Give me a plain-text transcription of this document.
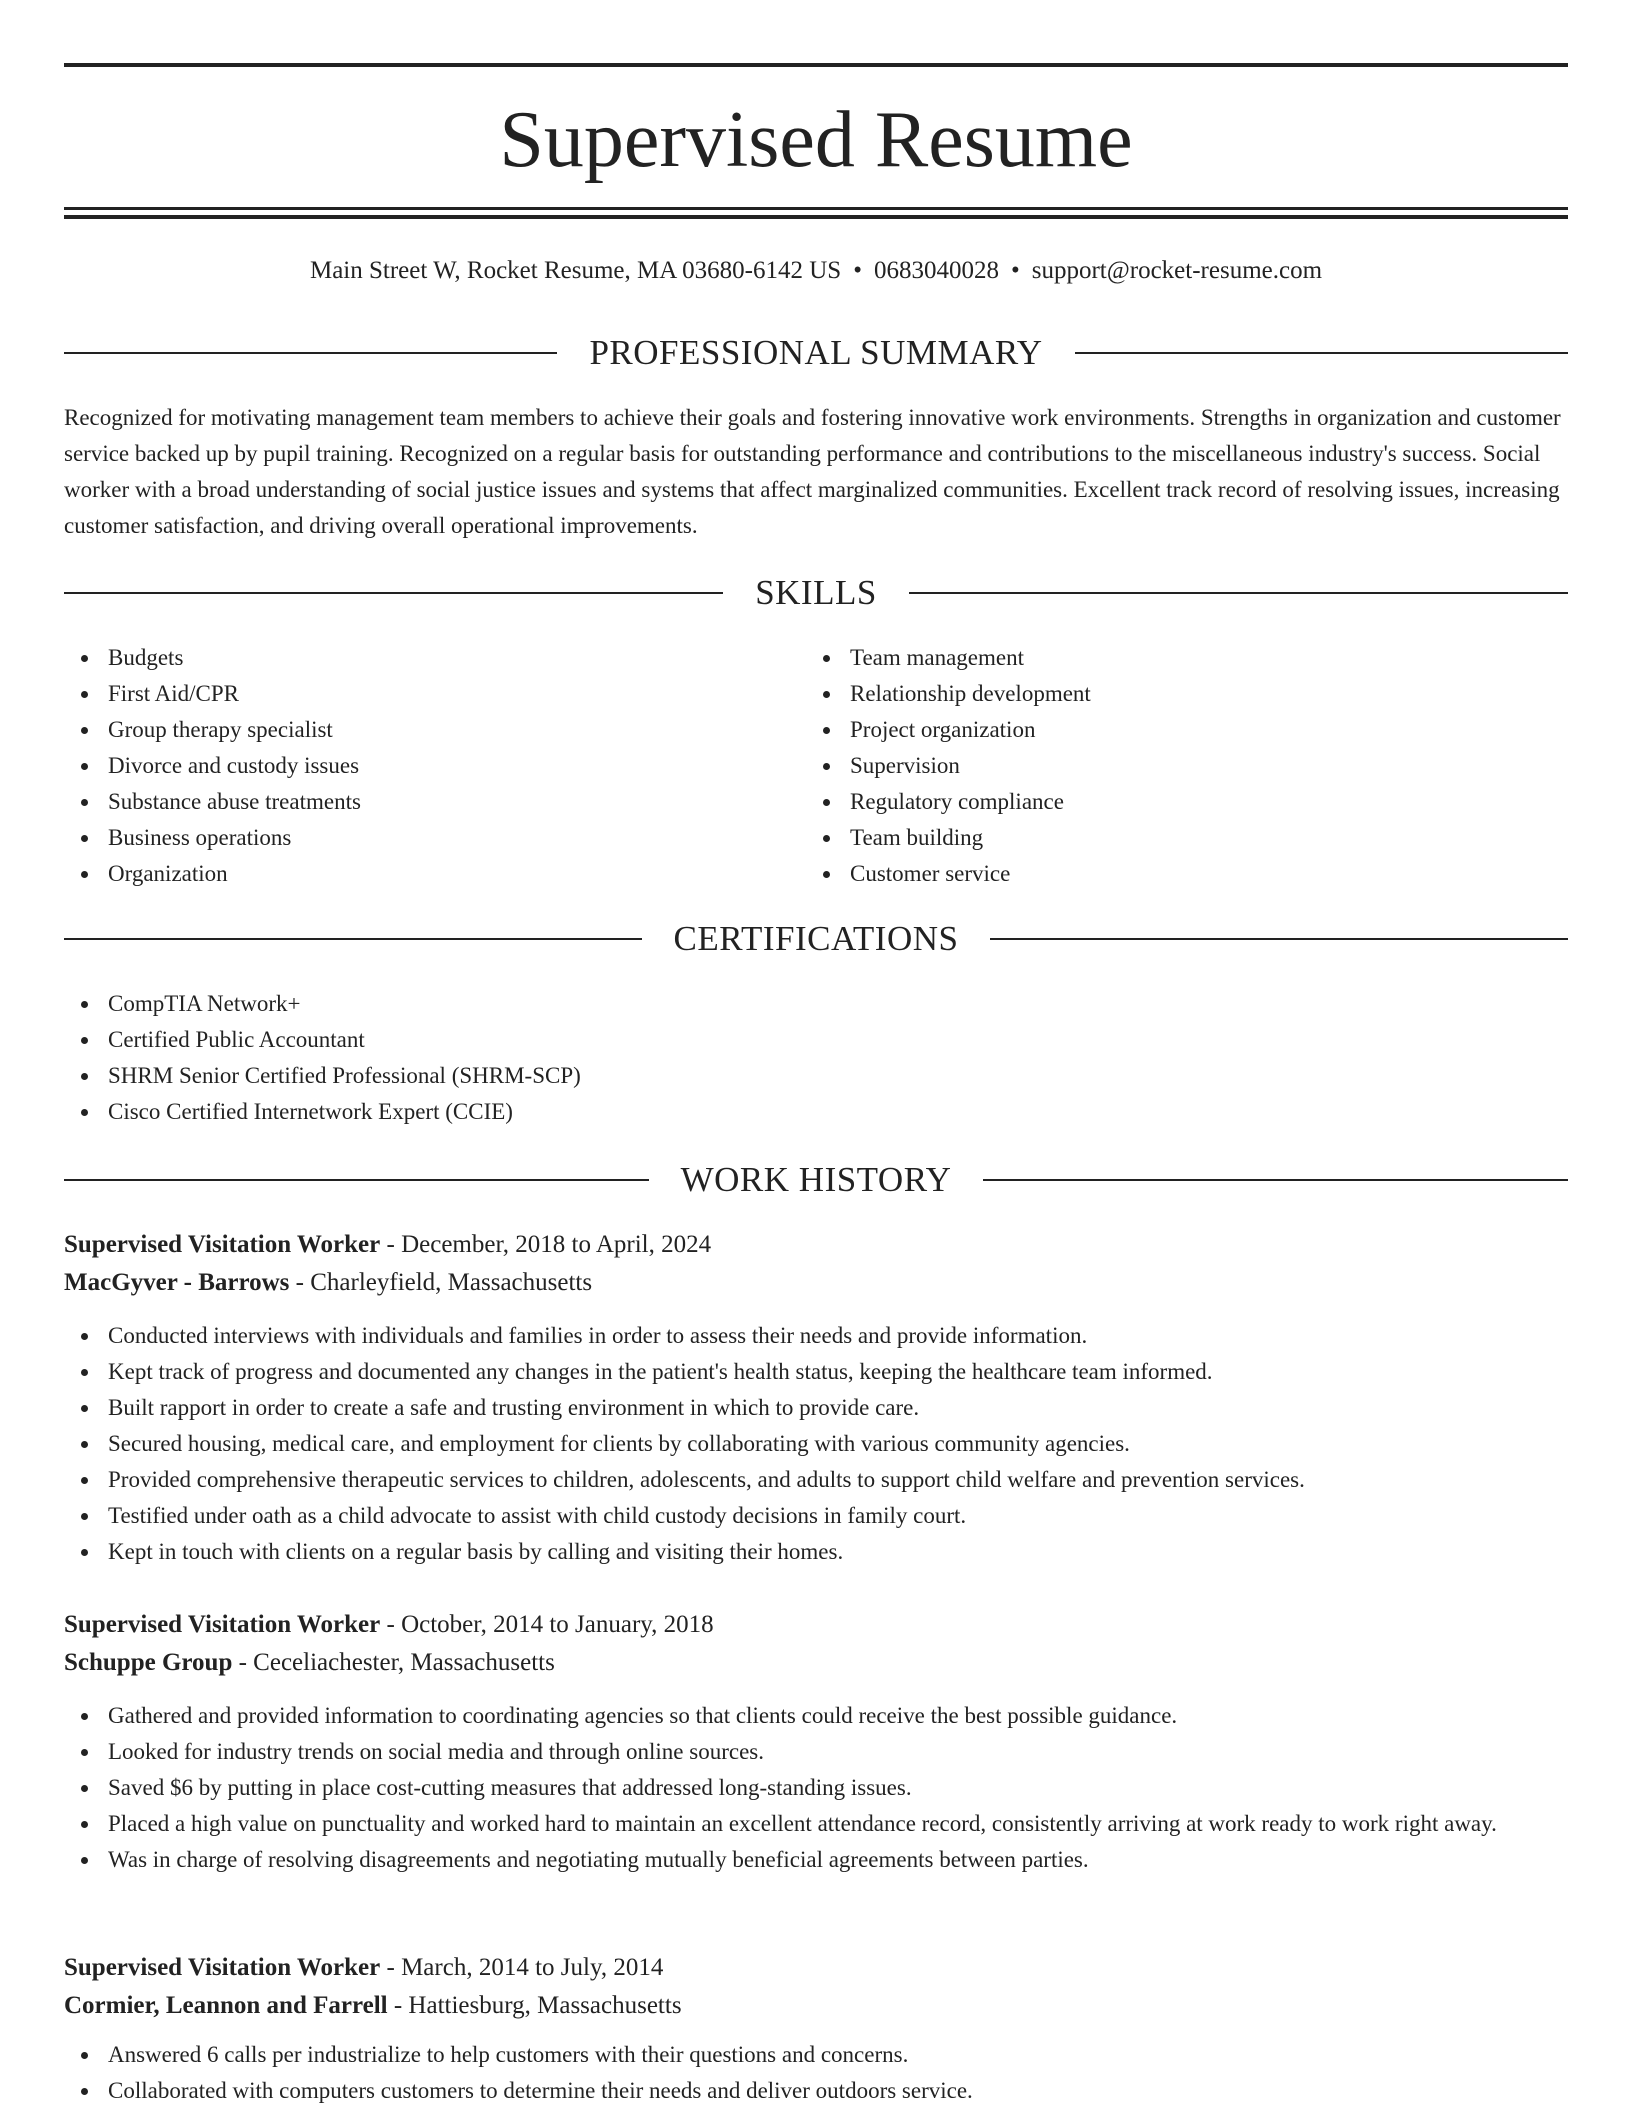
Supervised Resume
Main Street W, Rocket Resume, MA 03680-6142 US • 0683040028 • support@rocket-resume.com
PROFESSIONAL SUMMARY

Recognized for motivating management team members to achieve their goals and fostering innovative work environments. Strengths in organization and customer service backed up by pupil training. Recognized on a regular basis for outstanding performance and contributions to the miscellaneous industry's success. Social worker with a broad understanding of social justice issues and systems that affect marginalized communities. Excellent track record of resolving issues, increasing customer satisfaction, and driving overall operational improvements.

SKILLS
Budgets
First Aid/CPR
Group therapy specialist
Divorce and custody issues
Substance abuse treatments
Business operations
Organization
Team management
Relationship development
Project organization
Supervision
Regulatory compliance
Team building
Customer service
CERTIFICATIONS
CompTIA Network+
Certified Public Accountant
SHRM Senior Certified Professional (SHRM-SCP)
Cisco Certified Internetwork Expert (CCIE)
WORK HISTORY
Supervised Visitation Worker - December, 2018 to April, 2024
MacGyver - Barrows - Charleyfield, Massachusetts
Conducted interviews with individuals and families in order to assess their needs and provide information.
Kept track of progress and documented any changes in the patient's health status, keeping the healthcare team informed.
Built rapport in order to create a safe and trusting environment in which to provide care.
Secured housing, medical care, and employment for clients by collaborating with various community agencies.
Provided comprehensive therapeutic services to children, adolescents, and adults to support child welfare and prevention services.
Testified under oath as a child advocate to assist with child custody decisions in family court.
Kept in touch with clients on a regular basis by calling and visiting their homes.
Supervised Visitation Worker - October, 2014 to January, 2018
Schuppe Group - Ceceliachester, Massachusetts
Gathered and provided information to coordinating agencies so that clients could receive the best possible guidance.
Looked for industry trends on social media and through online sources.
Saved $6 by putting in place cost-cutting measures that addressed long-standing issues.
Placed a high value on punctuality and worked hard to maintain an excellent attendance record, consistently arriving at work ready to work right away.
Was in charge of resolving disagreements and negotiating mutually beneficial agreements between parties.
Supervised Visitation Worker - March, 2014 to July, 2014
Cormier, Leannon and Farrell - Hattiesburg, Massachusetts
Answered 6 calls per industrialize to help customers with their questions and concerns.
Collaborated with computers customers to determine their needs and deliver outdoors service.
